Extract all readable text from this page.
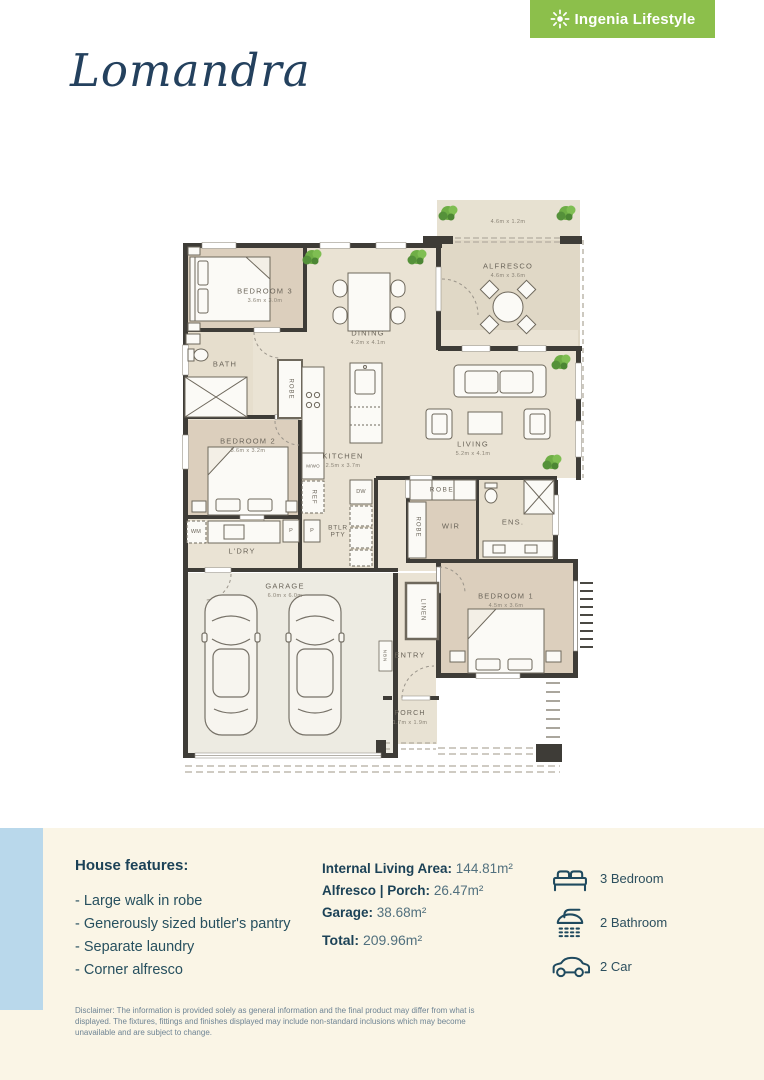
Ingenia Lifestyle
Lomandra
4.6m x 1.2m
ALFRESCO
4.6m x 3.6m
BEDROOM 3
3.6m x 3.0m
DINING
4.2m x 4.1m
BATH
ROBE
BEDROOM 2
3.6m x 3.2m
KITCHEN
2.5m x 3.7m
M/WO
REF	DW
LIVING
5.2m x 4.1m
ROBE
ROBE	WIR	ENS.
BEDROOM 1
4.5m x 3.6m
WM	P	P	BTLR PTY
L'DRY
GARAGE
6.0m x 6.0m
LINEN
NBN ENTRY
PORCH
1.7m x 1.9m
House features:
- Large walk in robe
- Generously sized butler's pantry
- Separate laundry
- Corner alfresco
Internal Living Area: 144.81m²
Alfresco | Porch: 26.47m²
Garage: 38.68m²
Total: 209.96m²
3 Bedroom
2 Bathroom
2 Car
Disclaimer: The information is provided solely as general information and the final product may differ from what is displayed. The fixtures, fittings and finishes displayed may include non-standard inclusions which may become unavailable and are subject to change.
